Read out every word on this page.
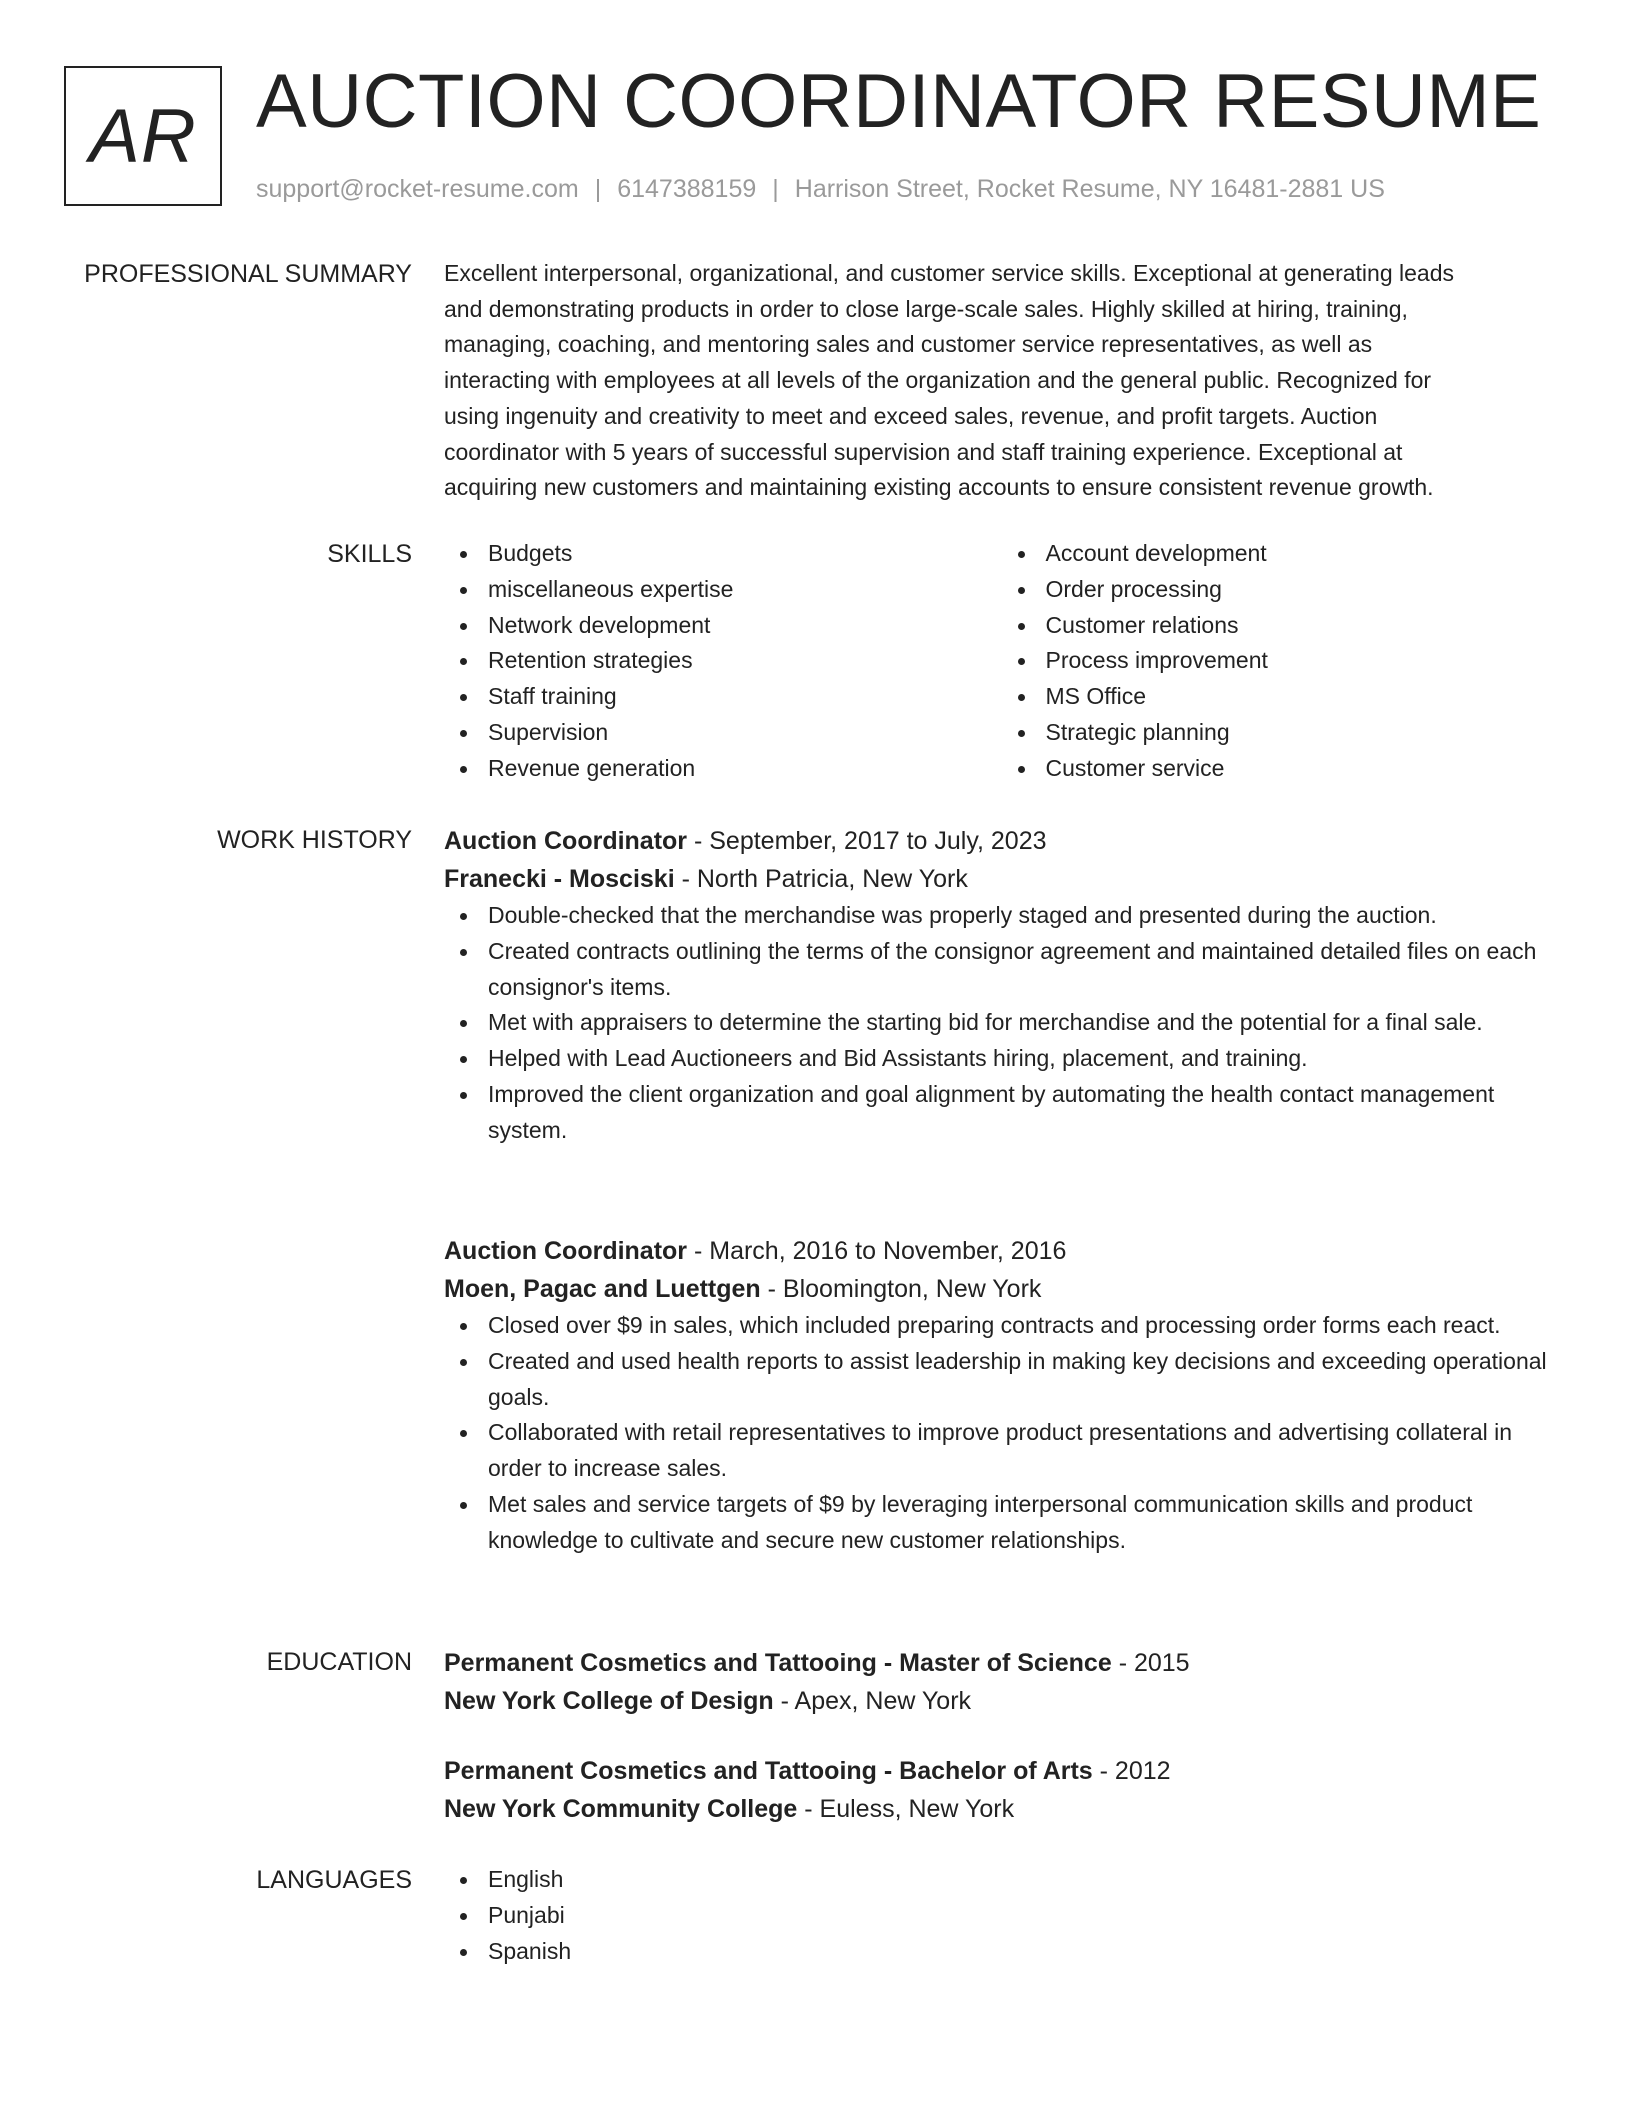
AR AUCTION COORDINATOR RESUME
support@rocket-resume.com | 6147388159 | Harrison Street, Rocket Resume, NY 16481-2881 US
PROFESSIONAL SUMMARY Excellent interpersonal, organizational, and customer service skills. Exceptional at generating leads
and demonstrating products in order to close large-scale sales. Highly skilled at hiring, training,
managing, coaching, and mentoring sales and customer service representatives, as well as
interacting with employees at all levels of the organization and the general public. Recognized for
using ingenuity and creativity to meet and exceed sales, revenue, and profit targets. Auction
coordinator with 5 years of successful supervision and staff training experience. Exceptional at
acquiring new customers and maintaining existing accounts to ensure consistent revenue growth.

SKILLS	Budgets
miscellaneous expertise
Network development
Retention strategies
Staff training
Supervision
Revenue generation
Account development
Order processing
Customer relations
Process improvement
MS Office
Strategic planning
Customer service
WORK HISTORY Auction Coordinator - September, 2017 to July, 2023
Franecki - Mosciski - North Patricia, New York
Double-checked that the merchandise was properly staged and presented during the auction.
Created contracts outlining the terms of the consignor agreement and maintained detailed files on each consignor's items.
Met with appraisers to determine the starting bid for merchandise and the potential for a final sale.
Helped with Lead Auctioneers and Bid Assistants hiring, placement, and training.
Improved the client organization and goal alignment by automating the health contact management system.
Auction Coordinator - March, 2016 to November, 2016
Moen, Pagac and Luettgen - Bloomington, New York
Closed over $9 in sales, which included preparing contracts and processing order forms each react.
Created and used health reports to assist leadership in making key decisions and exceeding operational goals.
Collaborated with retail representatives to improve product presentations and advertising collateral in order to increase sales.
Met sales and service targets of $9 by leveraging interpersonal communication skills and product knowledge to cultivate and secure new customer relationships.
EDUCATION Permanent Cosmetics and Tattooing - Master of Science - 2015
New York College of Design - Apex, New York
Permanent Cosmetics and Tattooing - Bachelor of Arts - 2012
New York Community College - Euless, New York
LANGUAGES	English
Punjabi
Spanish
